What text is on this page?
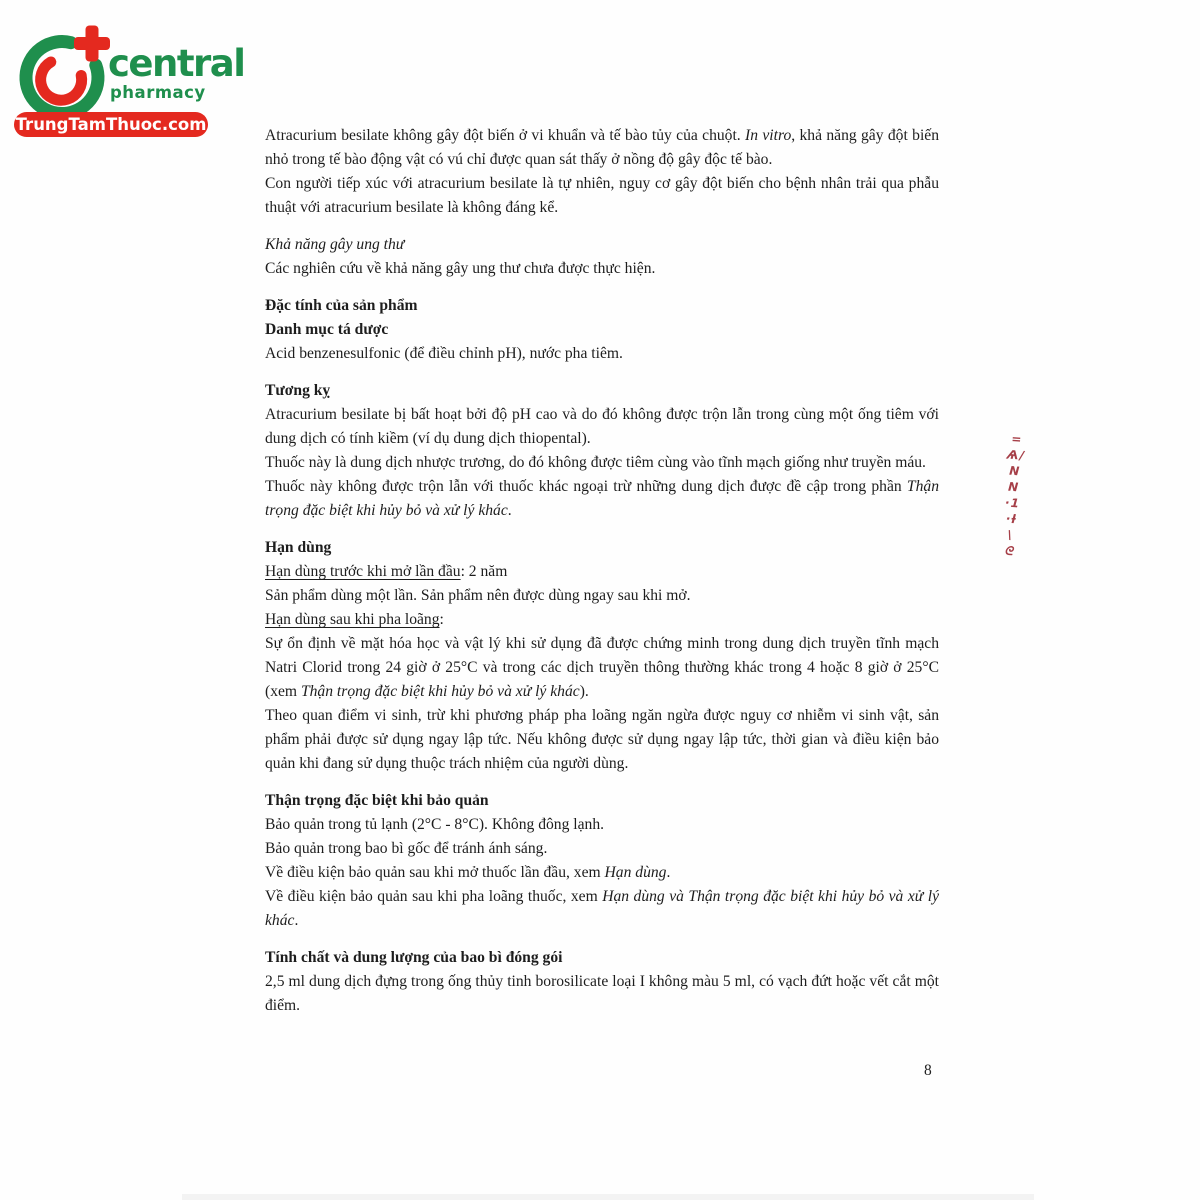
central
pharmacy
TrungTamThuoc.com
Atracurium besilate không gây đột biến ở vi khuẩn và tế bào tủy của chuột. In vitro, khả năng gây đột biến nhỏ trong tế bào động vật có vú chỉ được quan sát thấy ở nồng độ gây độc tế bào.
Con người tiếp xúc với atracurium besilate là tự nhiên, nguy cơ gây đột biến cho bệnh nhân trải qua phẫu thuật với atracurium besilate là không đáng kể.
Khả năng gây ung thư
Các nghiên cứu về khả năng gây ung thư chưa được thực hiện.
Đặc tính của sản phẩm
Danh mục tá dược
Acid benzenesulfonic (để điều chỉnh pH), nước pha tiêm.
Tương kỵ
Atracurium besilate bị bất hoạt bởi độ pH cao và do đó không được trộn lẫn trong cùng một ống tiêm với dung dịch có tính kiềm (ví dụ dung dịch thiopental).
Thuốc này là dung dịch nhược trương, do đó không được tiêm cùng vào tĩnh mạch giống như truyền máu.
Thuốc này không được trộn lẫn với thuốc khác ngoại trừ những dung dịch được đề cập trong phần Thận trọng đặc biệt khi hủy bỏ và xử lý khác.
Hạn dùng
Hạn dùng trước khi mở lần đầu: 2 năm
Sản phẩm dùng một lần. Sản phẩm nên được dùng ngay sau khi mở.
Hạn dùng sau khi pha loãng:
Sự ổn định về mặt hóa học và vật lý khi sử dụng đã được chứng minh trong dung dịch truyền tĩnh mạch Natri Clorid trong 24 giờ ở 25°C và trong các dịch truyền thông thường khác trong 4 hoặc 8 giờ ở 25°C (xem Thận trọng đặc biệt khi hủy bỏ và xử lý khác).
Theo quan điểm vi sinh, trừ khi phương pháp pha loãng ngăn ngừa được nguy cơ nhiễm vi sinh vật, sản phẩm phải được sử dụng ngay lập tức. Nếu không được sử dụng ngay lập tức, thời gian và điều kiện bảo quản khi đang sử dụng thuộc trách nhiệm của người dùng.
Thận trọng đặc biệt khi bảo quản
Bảo quản trong tủ lạnh (2°C - 8°C). Không đông lạnh.
Bảo quản trong bao bì gốc để tránh ánh sáng.
Về điều kiện bảo quản sau khi mở thuốc lần đầu, xem Hạn dùng.
Về điều kiện bảo quản sau khi pha loãng thuốc, xem Hạn dùng và Thận trọng đặc biệt khi hủy bỏ và xử lý khác.
Tính chất và dung lượng của bao bì đóng gói
2,5 ml dung dịch đựng trong ống thủy tinh borosilicate loại I không màu 5 ml, có vạch đứt hoặc vết cắt một điểm.
=
Ѧ/
Ν
Ν
·1
·ƚ
\
ᘓ
8
